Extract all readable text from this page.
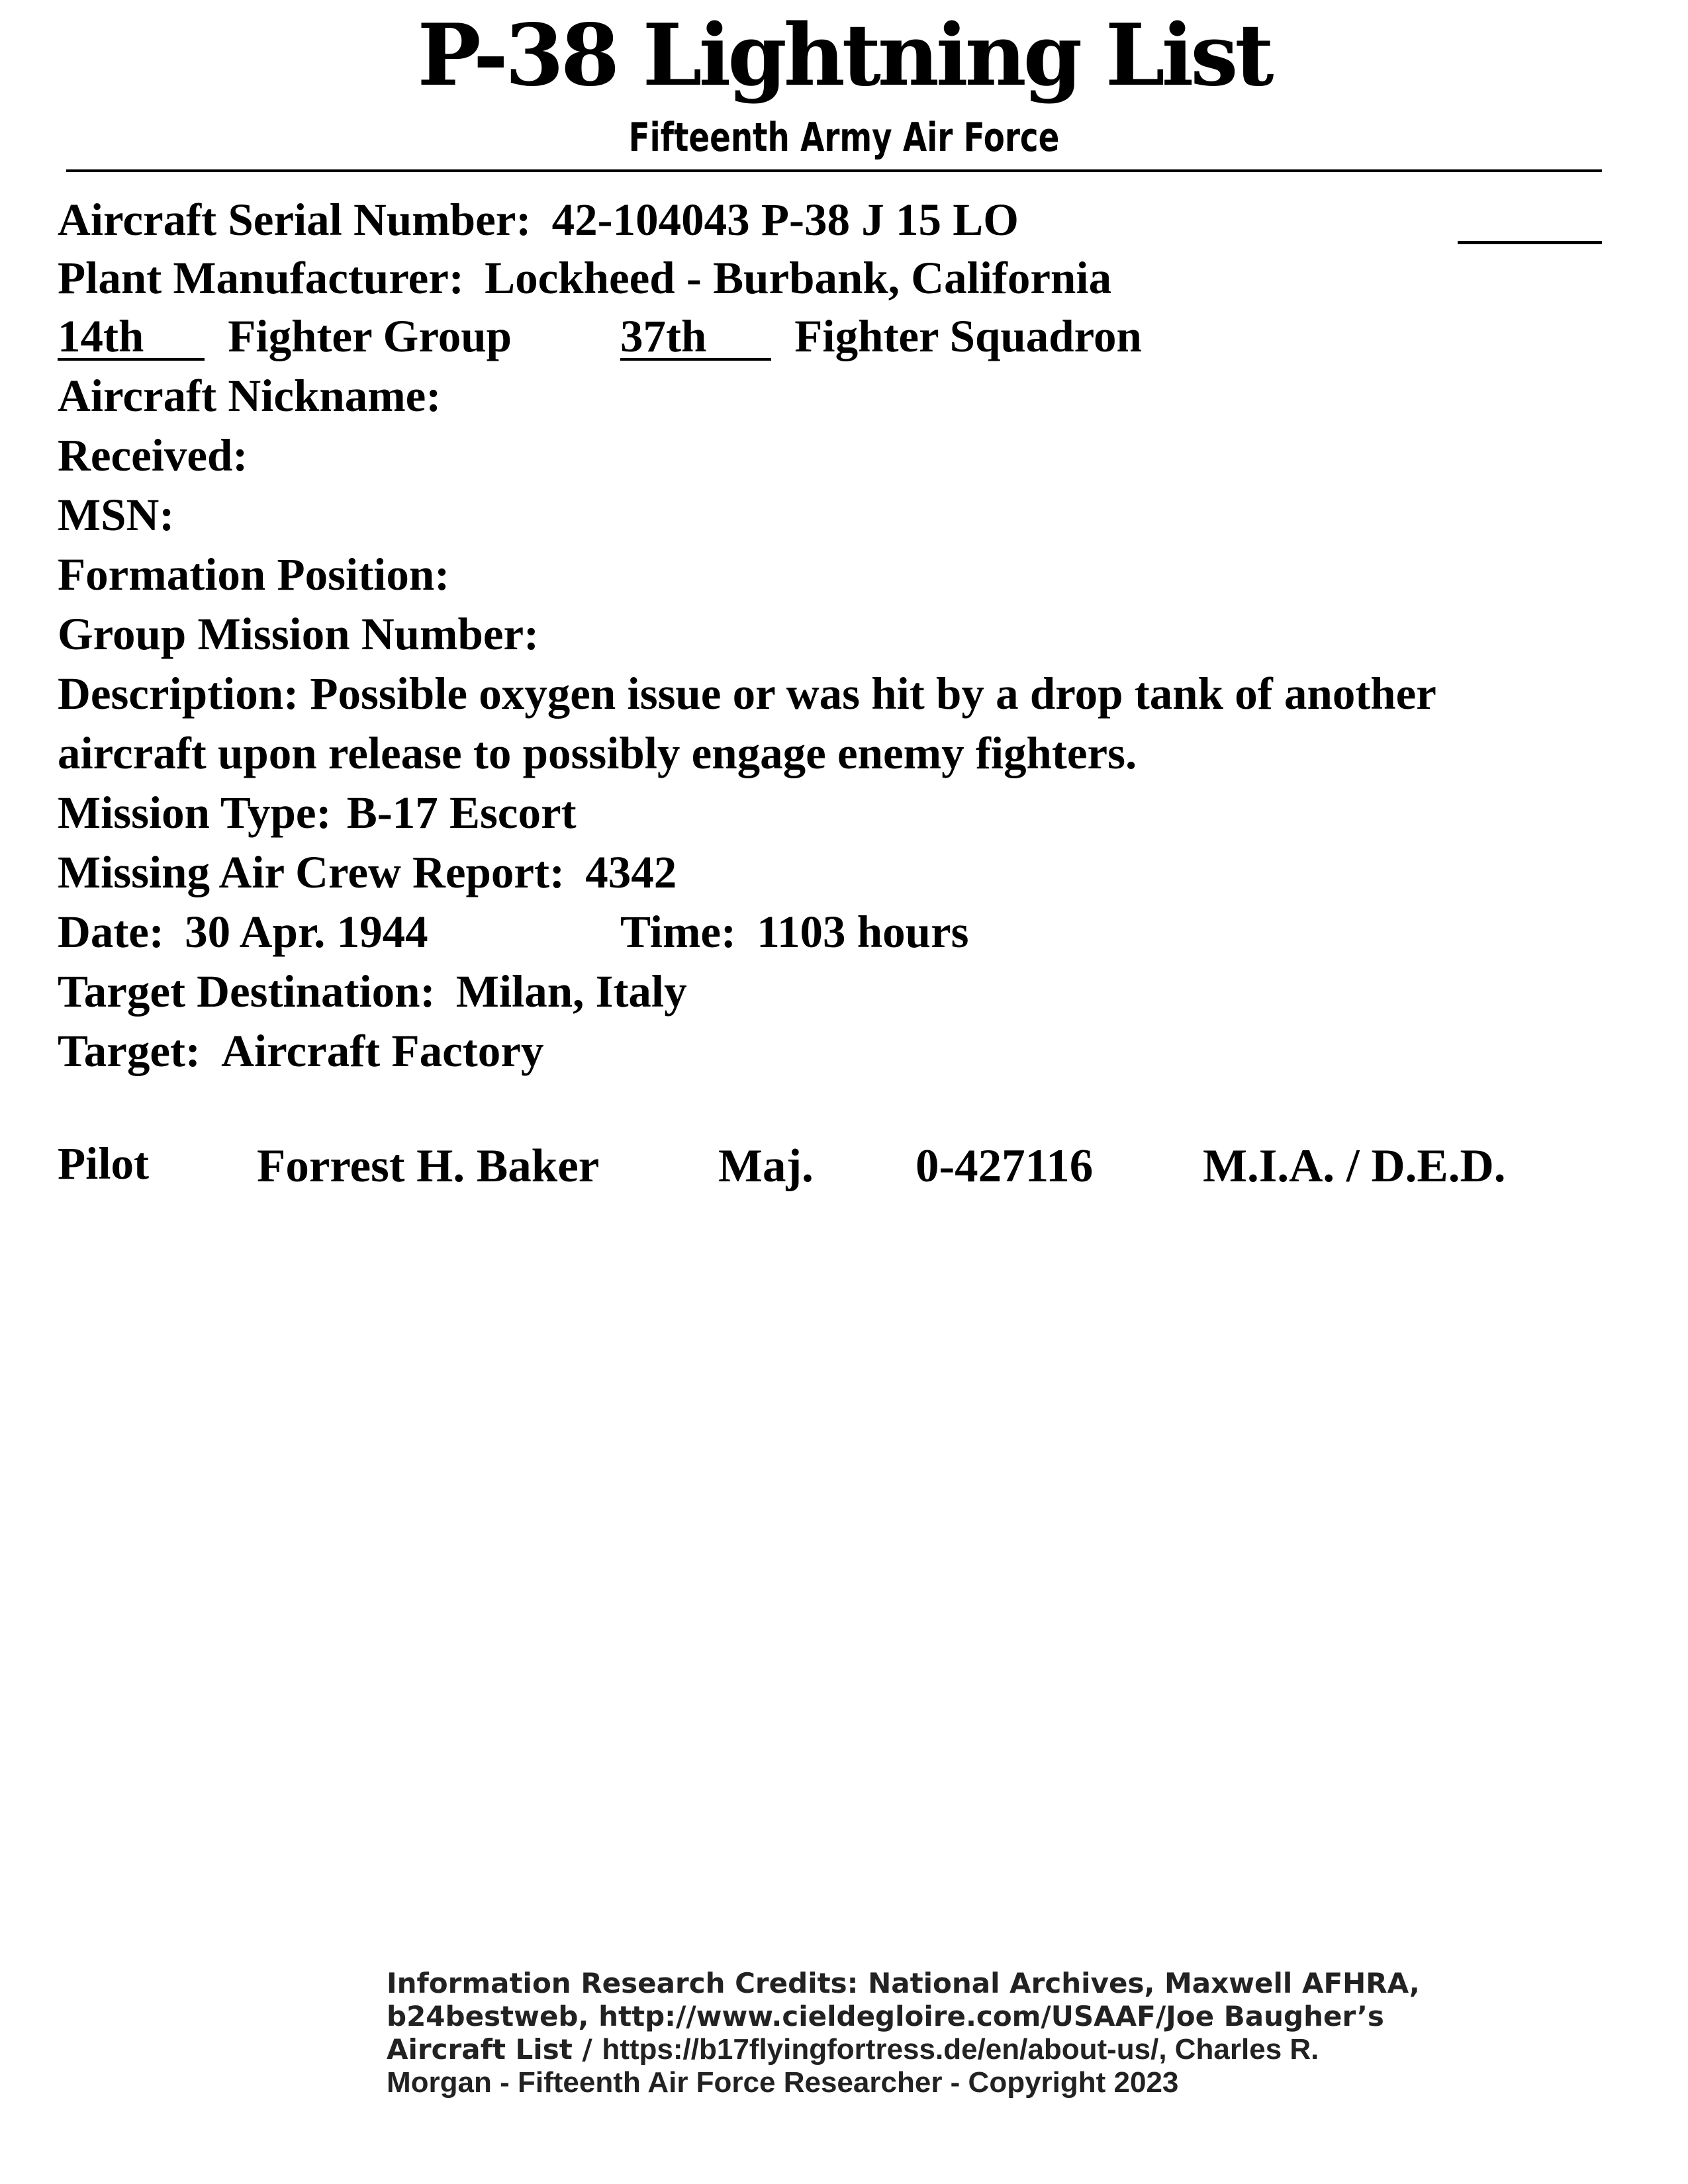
P-38 Lightning List
Fifteenth Army Air Force
Aircraft Serial Number: 42-104043 P-38 J 15 LO
Plant Manufacturer: Lockheed - Burbank, California
14th Fighter Group 37th Fighter Squadron
Aircraft Nickname:
Received:
MSN:
Formation Position:
Group Mission Number:
Description: Possible oxygen issue or was hit by a drop tank of another
aircraft upon release to possibly engage enemy fighters.
Mission Type: B-17 Escort
Missing Air Crew Report: 4342
Date: 30 Apr. 1944	Time: 1103 hours
Target Destination: Milan, Italy
Target: Aircraft Factory
Pilot Forrest H. Baker	Maj. 0-427116 M.I.A. / D.E.D.
Information Research Credits: National Archives, Maxwell AFHRA,
b24bestweb, http://www.cieldegloire.com/USAAF/Joe Baugher’s
Aircraft List / https://b17flyingfortress.de/en/about-us/, Charles R.
Morgan - Fifteenth Air Force Researcher - Copyright 2023
